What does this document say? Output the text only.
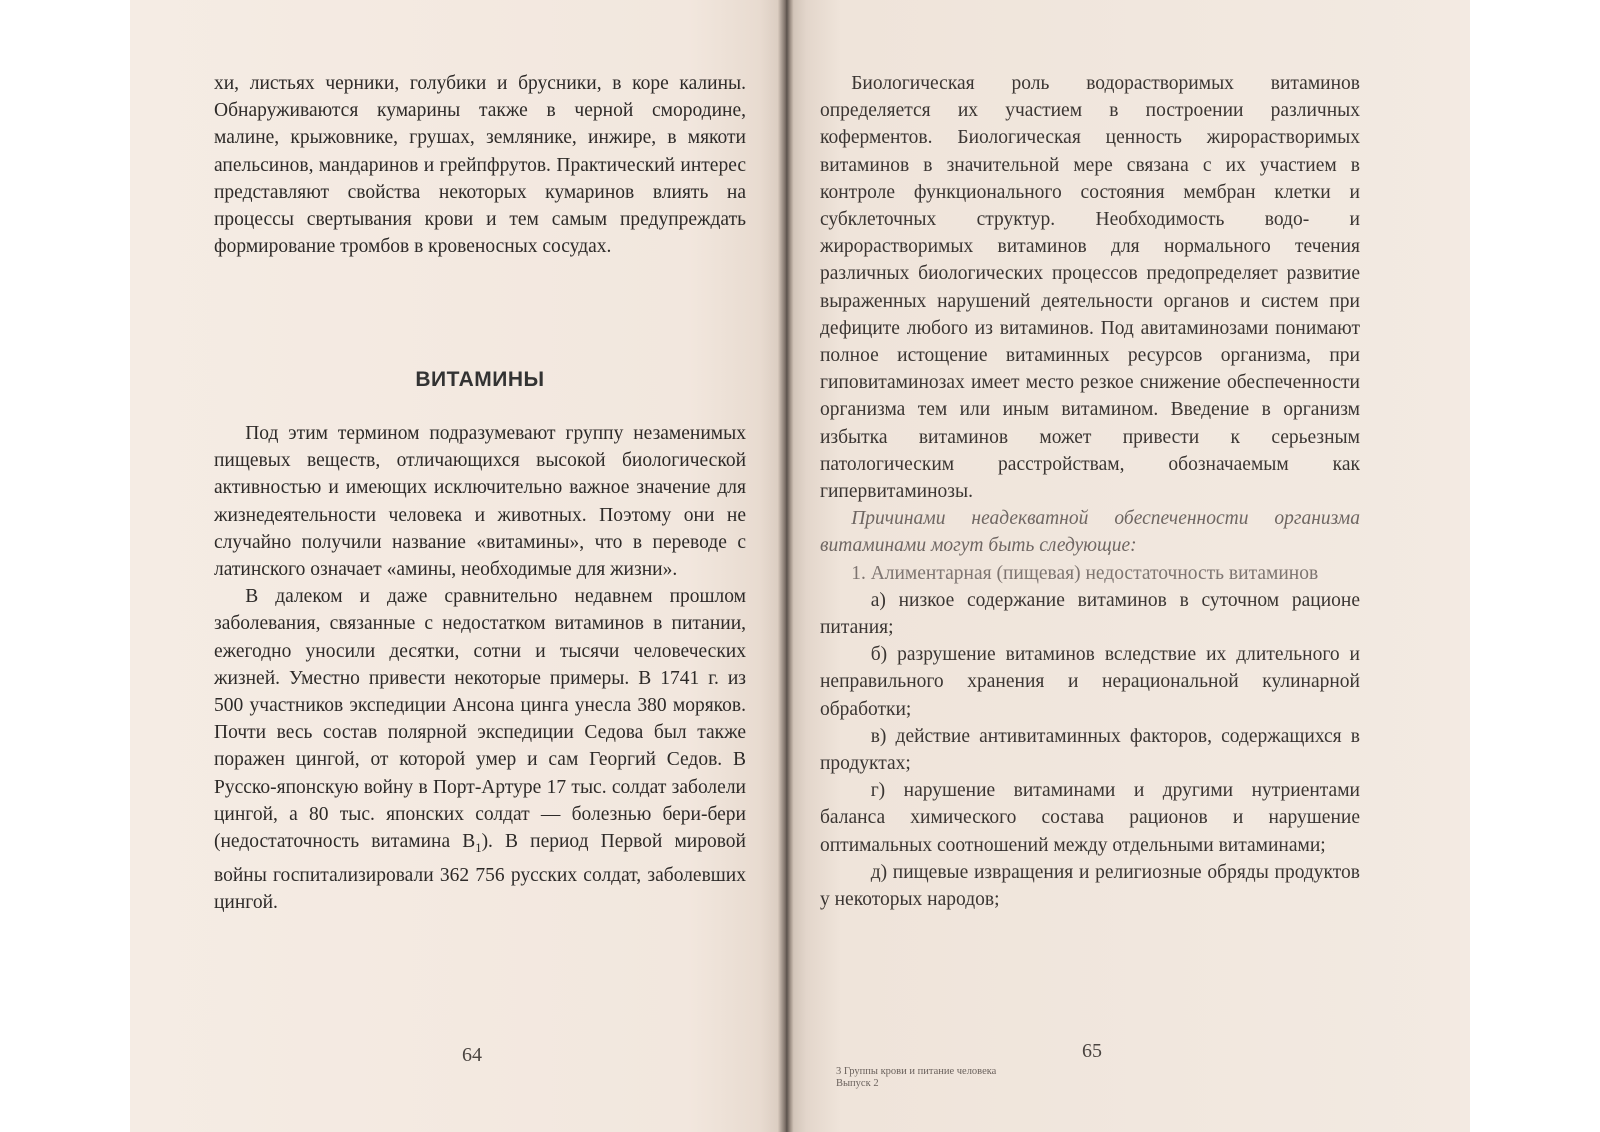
хи, листьях черники, голубики и брусники, в коре калины. Обнаруживаются кумарины также в черной смородине, малине, крыжовнике, грушах, землянике, инжире, в мякоти апельсинов, мандаринов и грейпфрутов. Практический интерес представляют свойства некоторых кумаринов влиять на процессы свертывания крови и тем самым предупреждать формирование тромбов в кровеносных сосудах.

ВИТАМИНЫ

Под этим термином подразумевают группу незаменимых пищевых веществ, отличающихся высокой биологической активностью и имеющих исключительно важное значение для жизнедеятельности человека и животных. Поэтому они не случайно получили название «витамины», что в переводе с латинского означает «амины, необходимые для жизни».

В далеком и даже сравнительно недавнем прошлом заболевания, связанные с недостатком витаминов в питании, ежегодно уносили десятки, сотни и тысячи человеческих жизней. Уместно привести некоторые примеры. В 1741 г. из 500 участников экспедиции Ансона цинга унесла 380 моряков. Почти весь состав полярной экспедиции Седова был также поражен цингой, от которой умер и сам Георгий Седов. В Русско-японскую войну в Порт-Артуре 17 тыс. солдат заболели цингой, а 80 тыс. японских солдат — болезнью бери-бери (недостаточность витамина $В_1$). В период Первой мировой войны госпитализировали 362 756 русских солдат, заболевших цингой.

64

Биологическая роль водорастворимых витаминов определяется их участием в построении различных коферментов. Биологическая ценность жирорастворимых витаминов в значительной мере связана с их участием в контроле функционального состояния мембран клетки и субклеточных структур. Необходимость водо- и жирорастворимых витаминов для нормального течения различных биологических процессов предопределяет развитие выраженных нарушений деятельности органов и систем при дефиците любого из витаминов. Под авитаминозами понимают полное истощение витаминных ресурсов организма, при гиповитаминозах имеет место резкое снижение обеспеченности организма тем или иным витамином. Введение в организм избытка витаминов может привести к серьезным патологическим расстройствам, обозначаемым как гипервитаминозы.

Причинами неадекватной обеспеченности организма витаминами могут быть следующие:

1. Алиментарная (пищевая) недостаточность витаминов

а) низкое содержание витаминов в суточном рационе питания;

б) разрушение витаминов вследствие их длительного и неправильного хранения и нерациональной кулинарной обработки;

в) действие антивитаминных факторов, содержащихся в продуктах;

г) нарушение витаминами и другими нутриентами баланса химического состава рационов и нарушение оптимальных соотношений между отдельными витаминами;

д) пищевые извращения и религиозные обряды продуктов у некоторых народов;

65
3 Группы крови и питание человека
Выпуск 2
